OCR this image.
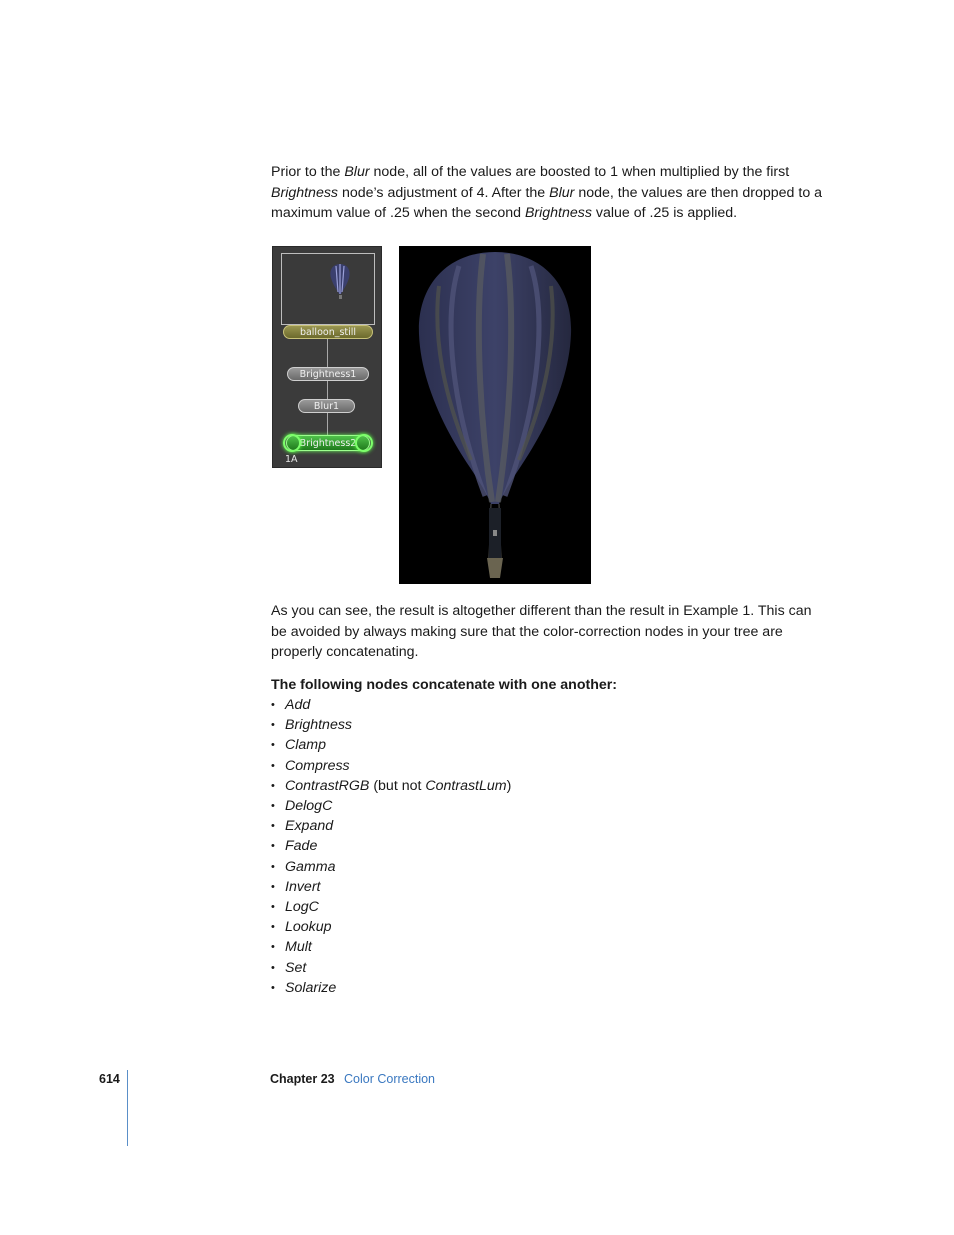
Prior to the Blur node, all of the values are boosted to 1 when multiplied by the first Brightness node’s adjustment of 4. After the Blur node, the values are then dropped to a maximum value of .25 when the second Brightness value of .25 is applied.

balloon_still
Brightness1
Blur1
Brightness2
1A

As you can see, the result is altogether different than the result in Example 1. This can be avoided by always making sure that the color-correction nodes in your tree are properly concatenating.

The following nodes concatenate with one another:

• Add
• Brightness
• Clamp
• Compress
• ContrastRGB (but not ContrastLum)
• DelogC
• Expand
• Fade
• Gamma
• Invert
• LogC
• Lookup
• Mult
• Set
• Solarize
614	Chapter 23 Color Correction
